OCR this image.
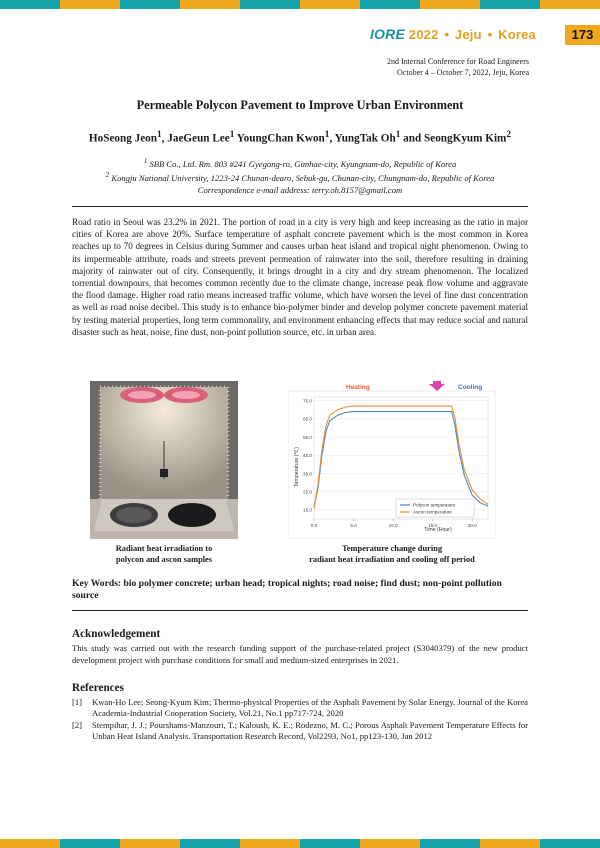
IORE 2022 • Jeju • Korea	173
2nd Internal Conference for Road Engineers
October 4 – October 7, 2022, Jeju, Korea
Permeable Polycon Pavement to Improve Urban Environment
HoSeong Jeon$^1$, JaeGeun Lee$^1$ YoungChan Kwon$^1$, YungTak Oh$^1$ and SeongKyum Kim$^2$
$^1$ SBB Co., Ltd. Rm. 803 #241 Gyegong-ro, Gimhae-city, Kyungnam-do, Republic of Korea
$^2$ Kongju National University, 1223-24 Chunan-dearo, Sebuk-gu, Chunan-city, Chungnam-do, Republic of Korea
Correspondence e-mail address: terry.oh.8157@gmail.com
Road ratio in Seoul was 23.2% in 2021. The portion of road in a city is very high and keep increasing as the ratio in major cities of Korea are above 20%. Surface temperature of asphalt concrete pavement which is the most common in Korea reaches up to 70 degrees in Celsius during Summer and causes urban heat island and tropical night phenomenon. Owing to its impermeable attribute, roads and streets prevent permeation of rainwater into the soil, therefore resulting in draining majority of rainwater out of city. Consequently, it brings drought in a city and dry stream phenomenon. The localized torrential downpours, that becomes common recently due to the climate change, increase peak flow volume and aggravate the flood damage. Higher road ratio means increased traffic volume, which have worsen the level of fine dust concentration as well as road noise decibel. This study is to enhance bio-polymer binder and develop polymer concrete pavement material by testing material properties, long term commonality, and environment enhancing effects that may reduce social and natural disaster such as heat, noise, fine dust, non-point pollution source, etc. in urban area.
Heating	Cooling
15.0
25.0
35.0
45.0
55.0
65.0
75.0
0.0	5.0	10.0	15.0	20.0
Polycon temperature
Ascon temperature
Time (Hour)
Temperature (℃)
Radiant heat irradiation to
polycon and ascon samples
Temperature change during
radiant heat irradiation and cooling off period
Key Words: bio polymer concrete; urban head; tropical nights; road noise; find dust; non-point pollution source
Acknowledgement
This study was carried out with the research funding support of the purchase-related project (S3040379) of the new product development project with purchase conditions for small and medium-sized enterprises in 2021.
References
[1]	Kwan-Ho Lee; Seong-Kyum Kim; Thermo-physical Properties of the Asphalt Pavement by Solar Energy. Journal of the Korea Academia-Industrial Cooperation Society, Vol.21, No.1 pp717-724, 2020
[2]	Stempihar, J. J.; Pourshams-Manzouri, T.; Kaloush, K. E.; Rodezno, M. C.; Porous Asphalt Pavement Temperature Effects for Unban Heat Island Analysis. Transportation Research Record, Vol2293, No1, pp123-130, Jan 2012
